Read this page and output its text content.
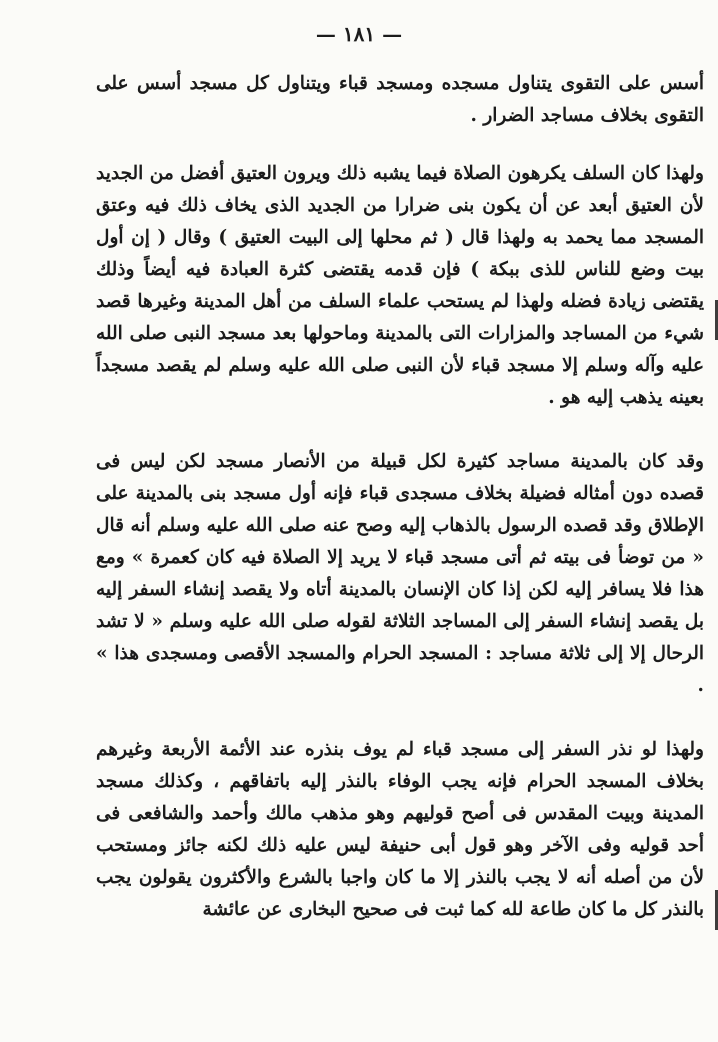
— ١٨١ —

أسس على التقوى يتناول مسجده ومسجد قباء ويتناول كل مسجد أسس على التقوى بخلاف مساجد الضرار .

ولهذا كان السلف يكرهون الصلاة فيما يشبه ذلك ويرون العتيق أفضل من الجديد لأن العتيق أبعد عن أن يكون بنى ضرارا من الجديد الذى يخاف ذلك فيه وعتق المسجد مما يحمد به ولهذا قال ( ثم محلها إلى البيت العتيق ) وقال ( إن أول بيت وضع للناس للذى ببكة ) فإن قدمه يقتضى كثرة العبادة فيه أيضاً وذلك يقتضى زيادة فضله ولهذا لم يستحب علماء السلف من أهل المدينة وغيرها قصد شيء من المساجد والمزارات التى بالمدينة وماحولها بعد مسجد النبى صلى الله عليه وآله وسلم إلا مسجد قباء لأن النبى صلى الله عليه وسلم لم يقصد مسجداً بعينه يذهب إليه هو .

وقد كان بالمدينة مساجد كثيرة لكل قبيلة من الأنصار مسجد لكن ليس فى قصده دون أمثاله فضيلة بخلاف مسجدى قباء فإنه أول مسجد بنى بالمدينة على الإطلاق وقد قصده الرسول بالذهاب إليه وصح عنه صلى الله عليه وسلم أنه قال « من توضأ فى بيته ثم أتى مسجد قباء لا يريد إلا الصلاة فيه كان كعمرة » ومع هذا فلا يسافر إليه لكن إذا كان الإنسان بالمدينة أتاه ولا يقصد إنشاء السفر إليه بل يقصد إنشاء السفر إلى المساجد الثلاثة لقوله صلى الله عليه وسلم « لا تشد الرحال إلا إلى ثلاثة مساجد : المسجد الحرام والمسجد الأقصى ومسجدى هذا » .

ولهذا لو نذر السفر إلى مسجد قباء لم يوف بنذره عند الأئمة الأربعة وغيرهم بخلاف المسجد الحرام فإنه يجب الوفاء بالنذر إليه باتفاقهم ، وكذلك مسجد المدينة وبيت المقدس فى أصح قوليهم وهو مذهب مالك وأحمد والشافعى فى أحد قوليه وفى الآخر وهو قول أبى حنيفة ليس عليه ذلك لكنه جائز ومستحب لأن من أصله أنه لا يجب بالنذر إلا ما كان واجبا بالشرع والأكثرون يقولون يجب بالنذر كل ما كان طاعة لله كما ثبت فى صحيح البخارى عن عائشة
